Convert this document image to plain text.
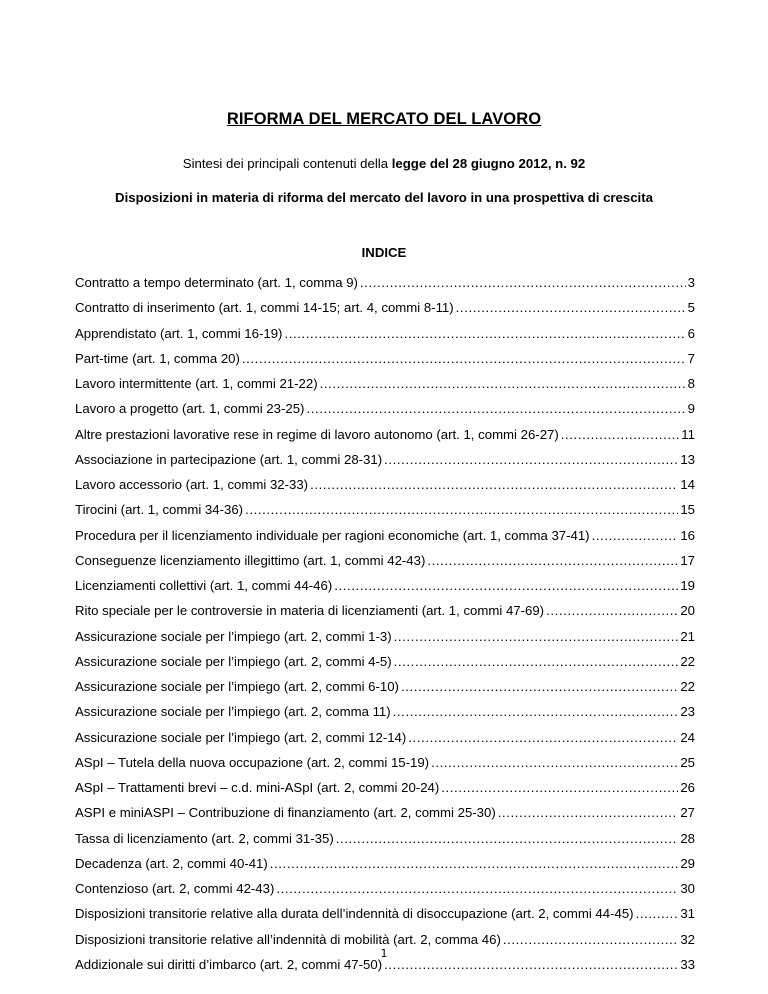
RIFORMA DEL MERCATO DEL LAVORO
Sintesi dei principali contenuti della legge del 28 giugno 2012, n. 92
Disposizioni in materia di riforma del mercato del lavoro in una prospettiva di crescita
INDICE
Contratto a tempo determinato (art. 1, comma 9) .....	3
Contratto di inserimento (art. 1, commi 14-15; art. 4, commi 8-11) .....	5
Apprendistato (art. 1, commi 16-19) .....	6
Part-time (art. 1, comma 20) .....	7
Lavoro intermittente (art. 1, commi 21-22) .....	8
Lavoro a progetto (art. 1, commi 23-25) .....	9
Altre prestazioni lavorative rese in regime di lavoro autonomo (art. 1, commi 26-27) .....	11
Associazione in partecipazione (art. 1, commi 28-31) .....	13
Lavoro accessorio (art. 1, commi 32-33) .....	14
Tirocini (art. 1, commi 34-36) .....	15
Procedura per il licenziamento individuale per ragioni economiche (art. 1, comma 37-41) .....	16
Conseguenze licenziamento illegittimo (art. 1, commi 42-43) .....	17
Licenziamenti collettivi (art. 1, commi 44-46) .....	19
Rito speciale per le controversie in materia di licenziamenti (art. 1, commi 47-69) .....	20
Assicurazione sociale per l’impiego (art. 2, commi 1-3) .....	21
Assicurazione sociale per l’impiego (art. 2, commi 4-5) .....	22
Assicurazione sociale per l’impiego (art. 2, commi 6-10) .....	22
Assicurazione sociale per l’impiego (art. 2, comma 11) .....	23
Assicurazione sociale per l’impiego (art. 2, commi 12-14) .....	24
ASpI – Tutela della nuova occupazione (art. 2, commi 15-19) .....	25
ASpI – Trattamenti brevi – c.d. mini-ASpI (art. 2, commi 20-24) .....	26
ASPI e miniASPI – Contribuzione di finanziamento (art. 2, commi 25-30) .....	27
Tassa di licenziamento (art. 2, commi 31-35) .....	28
Decadenza (art. 2, commi 40-41) .....	29
Contenzioso (art. 2, commi 42-43) .....	30
Disposizioni transitorie relative alla durata dell’indennità di disoccupazione (art. 2, commi 44-45) .....	31
Disposizioni transitorie relative all’indennità di mobilità (art. 2, comma 46) .....	32
Addizionale sui diritti d’imbarco (art. 2, commi 47-50) .....	33
1
